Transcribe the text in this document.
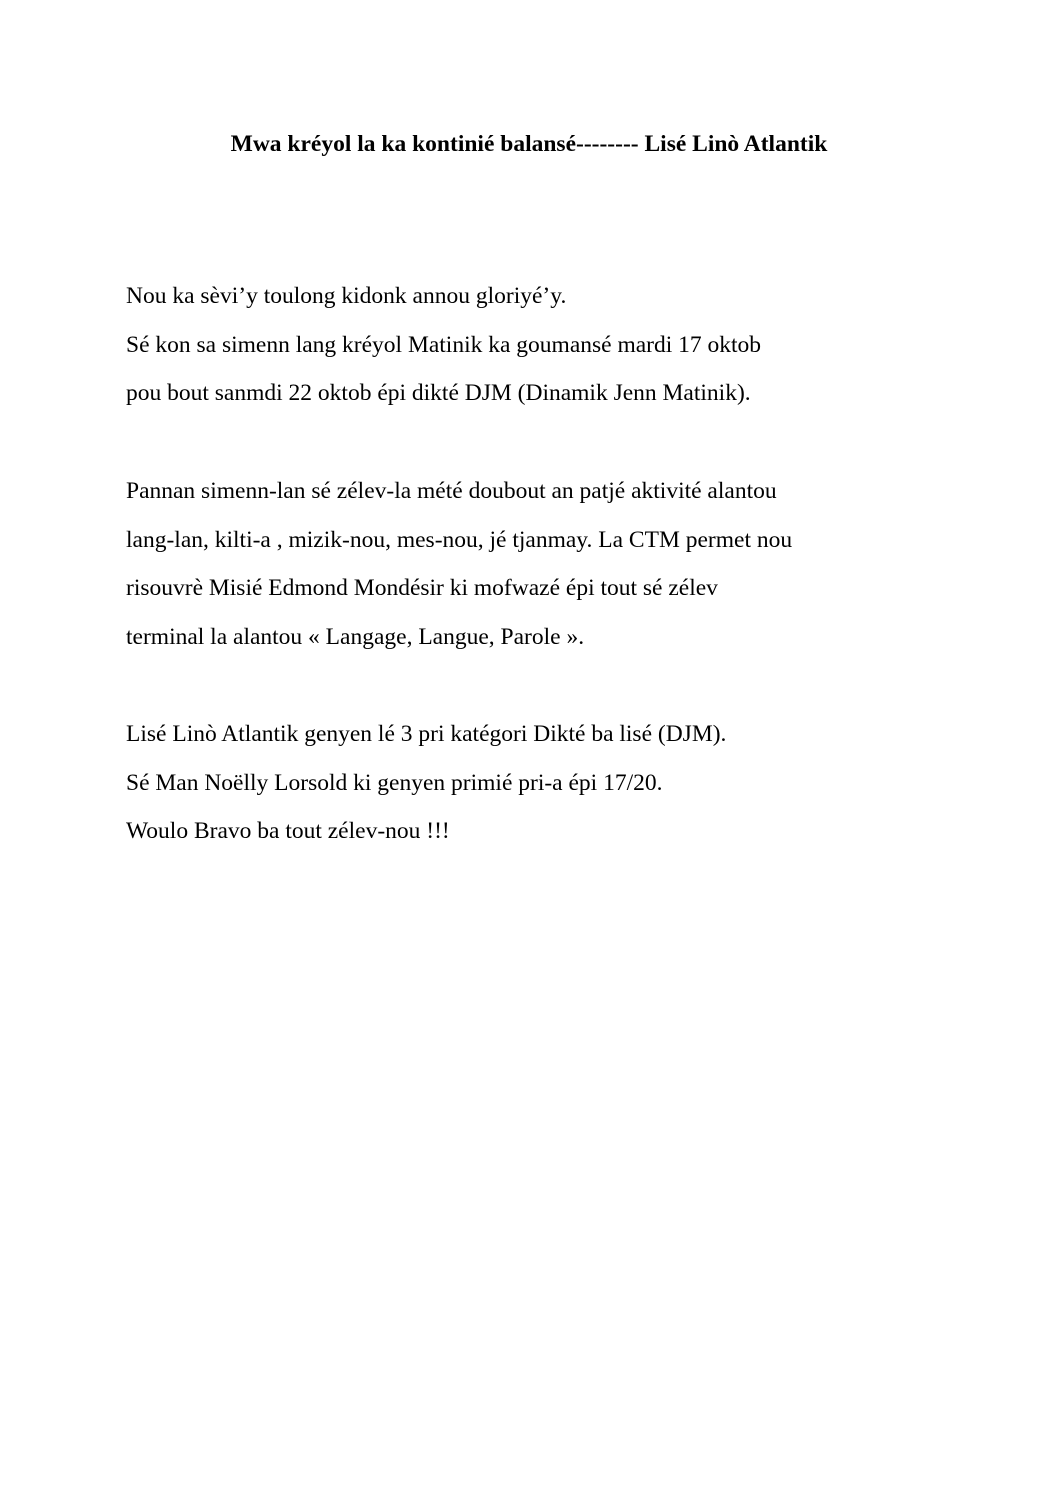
Mwa kréyol la ka kontinié balansé-------- Lisé Linò Atlantik
Nou ka sèvi’y toulong kidonk annou gloriyé’y.
Sé kon sa simenn lang kréyol Matinik ka goumansé mardi 17 oktob
pou bout sanmdi 22 oktob épi dikté DJM (Dinamik Jenn Matinik).
Pannan simenn-lan sé zélev-la mété doubout an patjé aktivité alantou
lang-lan, kilti-a , mizik-nou, mes-nou, jé tjanmay. La CTM permet nou
risouvrè Misié Edmond Mondésir ki mofwazé épi tout sé zélev
terminal la alantou « Langage, Langue, Parole ».
Lisé Linò Atlantik genyen lé 3 pri katégori Dikté ba lisé (DJM).
Sé Man Noëlly Lorsold ki genyen primié pri-a épi 17/20.
Woulo Bravo ba tout zélev-nou !!!
